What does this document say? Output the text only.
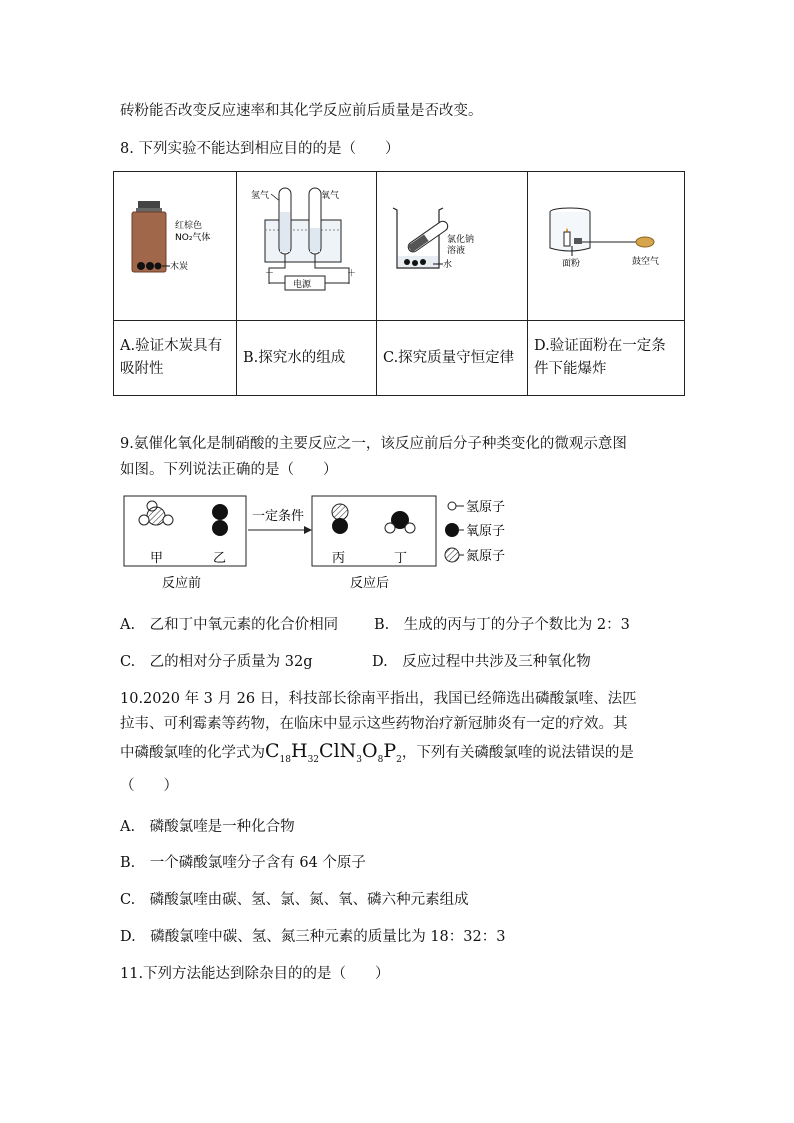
砖粉能否改变反应速率和其化学反应前后质量是否改变。
8. 下列实验不能达到相应目的的是（　　）
红棕色
NO₂气体
木炭	氢气 氧气
电源
－ ＋	氯化钠
溶液
水	面粉 鼓空气

A.验证木炭具有吸附性	B.探究水的组成	C.探究质量守恒定律	D.验证面粉在一定条件下能爆炸
9.氨催化氧化是制硝酸的主要反应之一，该反应前后分子种类变化的微观示意图
如图。下列说法正确的是（　　）
甲	乙
反应前
一定条件
丙	丁
反应后
氢原子
氧原子
氮原子
A.　乙和丁中氧元素的化合价相同 B.　生成的丙与丁的分子个数比为 2：3
C.　乙的相对分子质量为 32g	D.　反应过程中共涉及三种氧化物
10.2020 年 3 月 26 日，科技部长徐南平指出，我国已经筛选出磷酸氯喹、法匹
拉韦、可利霉素等药物，在临床中显示这些药物治疗新冠肺炎有一定的疗效。其
中磷酸氯喹的化学式为$C_{18}H_{32}ClN_3O_8P_2$，下列有关磷酸氯喹的说法错误的是
（　　）
A.　磷酸氯喹是一种化合物
B.　一个磷酸氯喹分子含有 64 个原子
C.　磷酸氯喹由碳、氢、氯、氮、氧、磷六种元素组成
D.　磷酸氯喹中碳、氢、氮三种元素的质量比为 18：32：3
11.下列方法能达到除杂目的的是（　　）
